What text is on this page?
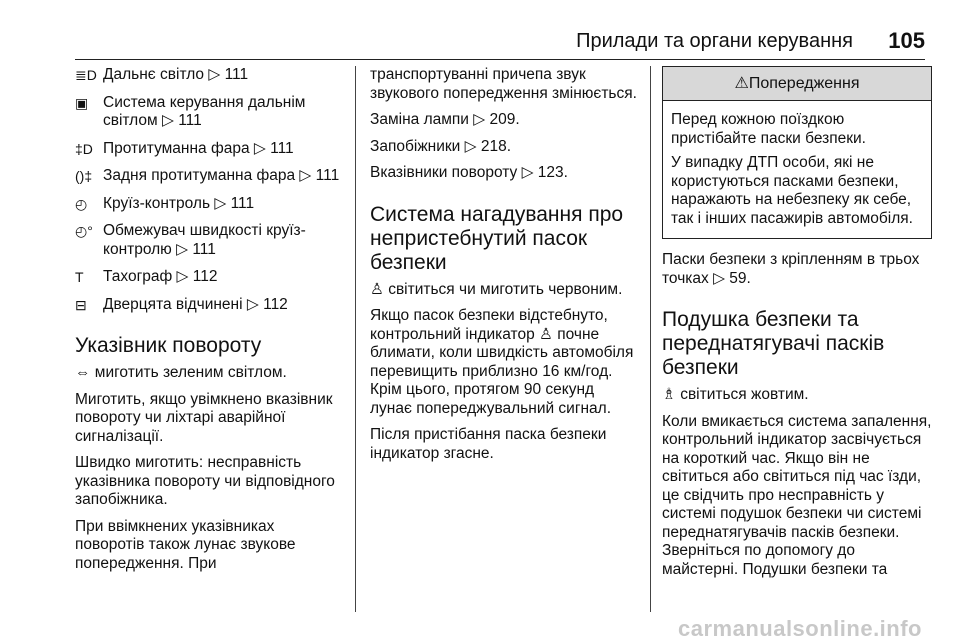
Прилади та органи керування 105
≣D Дальнє світло ▷ 111
▣ Система керування дальнім світлом ▷ 111
‡D Протитуманна фара ▷ 111
()‡ Задня протитуманна фара ▷ 111
◴	Круїз-контроль ▷ 111
◴° Обмежувач швидкості круїз-контролю ▷ 111
T	Тахограф ▷ 112
⊟	Дверцята відчинені ▷ 112
Указівник повороту

⇔ миготить зеленим світлом.

Миготить, якщо увімкнено вказівник повороту чи ліхтарі аварійної сигналізації.

Швидко миготить: несправність указівника повороту чи відповідного запобіжника.

При ввімкнених указівниках поворотів також лунає звукове попередження. При

транспортуванні причепа звук звукового попередження змінюється.

Заміна лампи ▷ 209.

Запобіжники ▷ 218.

Вказівники повороту ▷ 123.

Система нагадування про непристебнутий пасок безпеки

♙ світиться чи миготить червоним.

Якщо пасок безпеки відстебнуто, контрольний індикатор ♙ почне блимати, коли швидкість автомобіля перевищить приблизно 16 км/год. Крім цього, протягом 90 секунд лунає попереджувальний сигнал.

Після пристібання паска безпеки індикатор згасне.

⚠Попередження

Перед кожною поїздкою пристібайте паски безпеки.

У випадку ДТП особи, які не користуються пасками безпеки, наражають на небезпеку як себе, так і інших пасажирів автомобіля.

Паски безпеки з кріпленням в трьох точках ▷ 59.

Подушка безпеки та переднатягувачі пасків безпеки

♗ світиться жовтим.

Коли вмикається система запалення, контрольний індикатор засвічується на короткий час. Якщо він не світиться або світиться під час їзди, це свідчить про несправність у системі подушок безпеки чи системі переднатягувачів пасків безпеки. Зверніться по допомогу до майстерні. Подушки безпеки та

carmanualsonline.info
